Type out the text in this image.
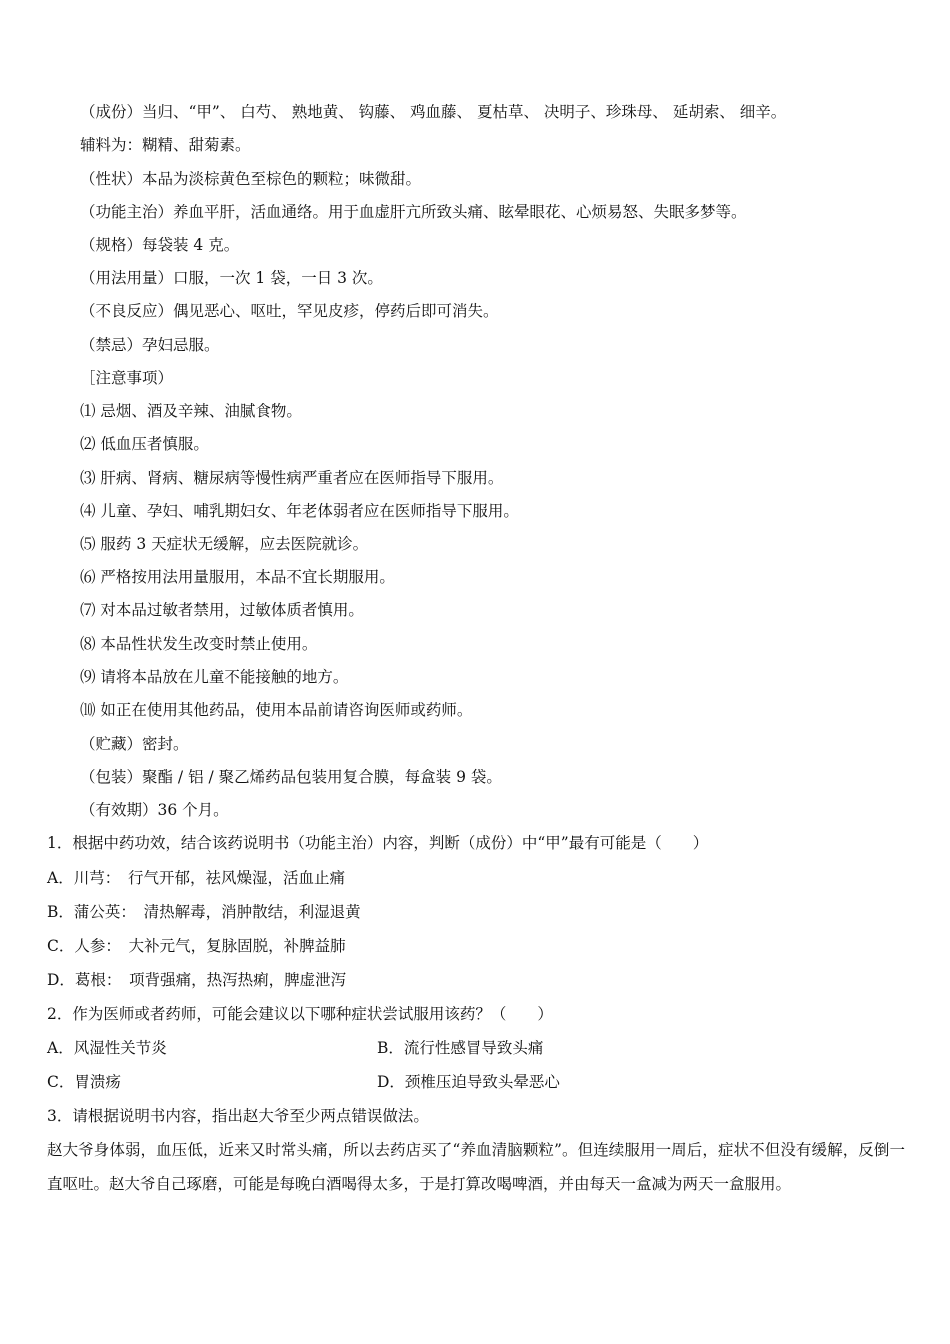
（成份）当归、“甲”、 白芍、 熟地黄、 钩藤、 鸡血藤、 夏枯草、 决明子、珍珠母、 延胡索、 细辛。
辅料为：糊精、甜菊素。
（性状）本品为淡棕黄色至棕色的颗粒；味微甜。
（功能主治）养血平肝，活血通络。用于血虚肝亢所致头痛、眩晕眼花、心烦易怒、失眠多梦等。
（规格）每袋装 4 克。
（用法用量）口服，一次 1 袋，一日 3 次。
（不良反应）偶见恶心、呕吐，罕见皮疹，停药后即可消失。
（禁忌）孕妇忌服。
［注意事项）
⑴ 忌烟、酒及辛辣、油腻食物。
⑵ 低血压者慎服。
⑶ 肝病、肾病、糖尿病等慢性病严重者应在医师指导下服用。
⑷ 儿童、孕妇、哺乳期妇女、年老体弱者应在医师指导下服用。
⑸ 服药 3 天症状无缓解，应去医院就诊。
⑹ 严格按用法用量服用，本品不宜长期服用。
⑺ 对本品过敏者禁用，过敏体质者慎用。
⑻ 本品性状发生改变时禁止使用。
⑼ 请将本品放在儿童不能接触的地方。
⑽ 如正在使用其他药品，使用本品前请咨询医师或药师。
（贮藏）密封。
（包装）聚酯 / 铝 / 聚乙烯药品包装用复合膜，每盒装 9 袋。
（有效期）36 个月。
1．根据中药功效，结合该药说明书（功能主治）内容，判断（成份）中“甲”最有可能是（　　）
A．川芎：　行气开郁，祛风燥湿，活血止痛
B．蒲公英：　清热解毒，消肿散结，利湿退黄
C．人参：　大补元气，复脉固脱，补脾益肺
D．葛根：　项背强痛，热泻热痢，脾虚泄泻
2．作为医师或者药师，可能会建议以下哪种症状尝试服用该药？（　　）
A．风湿性关节炎	B．流行性感冒导致头痛
C．胃溃疡	D．颈椎压迫导致头晕恶心
3．请根据说明书内容，指出赵大爷至少两点错误做法。
赵大爷身体弱，血压低，近来又时常头痛，所以去药店买了“养血清脑颗粒”。但连续服用一周后，症状不但没有缓解，反倒一直呕吐。赵大爷自己琢磨，可能是每晚白酒喝得太多，于是打算改喝啤酒，并由每天一盒减为两天一盒服用。
